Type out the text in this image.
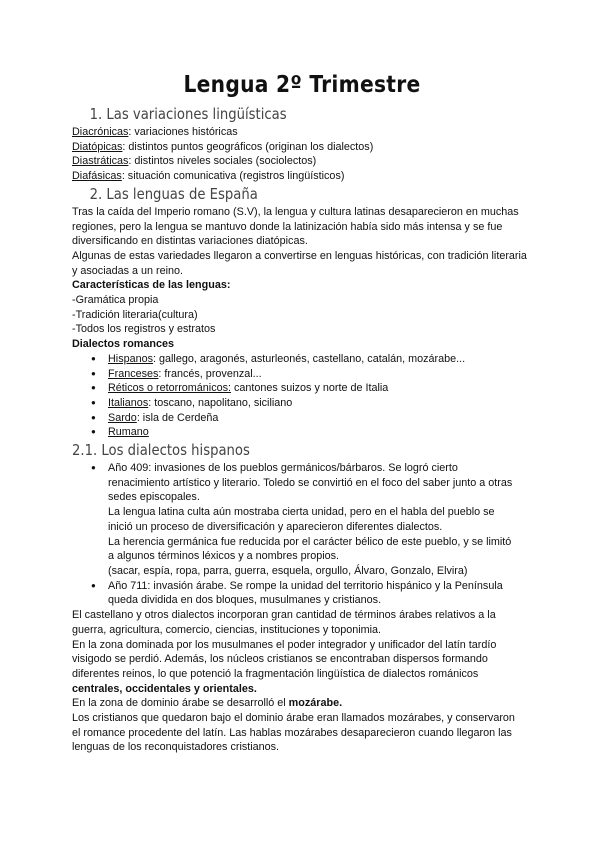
Lengua 2º Trimestre
1. Las variaciones lingüísticas
Diacrónicas: variaciones históricas
Diatópicas: distintos puntos geográficos (originan los dialectos)
Diastráticas: distintos niveles sociales (sociolectos)
Diafásicas: situación comunicativa (registros lingüísticos)
2. Las lenguas de España
Tras la caída del Imperio romano (S.V), la lengua y cultura latinas desaparecieron en muchas regiones, pero la lengua se mantuvo donde la latinización había sido más intensa y se fue diversificando en distintas variaciones diatópicas.
Algunas de estas variedades llegaron a convertirse en lenguas históricas, con tradición literaria y asociadas a un reino.
Características de las lenguas:
-Gramática propia
-Tradición literaria(cultura)
-Todos los registros y estratos
Dialectos romances
● Hispanos: gallego, aragonés, asturleonés, castellano, catalán, mozárabe...
● Franceses: francés, provenzal...
● Réticos o retorrománicos: cantones suizos y norte de Italia
● Italianos: toscano, napolitano, siciliano
● Sardo: isla de Cerdeña
● Rumano
2.1. Los dialectos hispanos
● Año 409: invasiones de los pueblos germánicos/bárbaros. Se logró cierto
renacimiento artístico y literario. Toledo se convirtió en el foco del saber junto a otras
sedes episcopales.
La lengua latina culta aún mostraba cierta unidad, pero en el habla del pueblo se
inició un proceso de diversificación y aparecieron diferentes dialectos.
La herencia germánica fue reducida por el carácter bélico de este pueblo, y se limitó
a algunos términos léxicos y a nombres propios.
(sacar, espía, ropa, parra, guerra, esquela, orgullo, Álvaro, Gonzalo, Elvira)
● Año 711: invasión árabe. Se rompe la unidad del territorio hispánico y la Península
queda dividida en dos bloques, musulmanes y cristianos.
El castellano y otros dialectos incorporan gran cantidad de términos árabes relativos a la
guerra, agricultura, comercio, ciencias, instituciones y toponimia.
En la zona dominada por los musulmanes el poder integrador y unificador del latín tardío
visigodo se perdió. Además, los núcleos cristianos se encontraban dispersos formando
diferentes reinos, lo que potenció la fragmentación lingüística de dialectos románicos
centrales, occidentales y orientales.
En la zona de dominio árabe se desarrolló el mozárabe.
Los cristianos que quedaron bajo el dominio árabe eran llamados mozárabes, y conservaron
el romance procedente del latín. Las hablas mozárabes desaparecieron cuando llegaron las
lenguas de los reconquistadores cristianos.
